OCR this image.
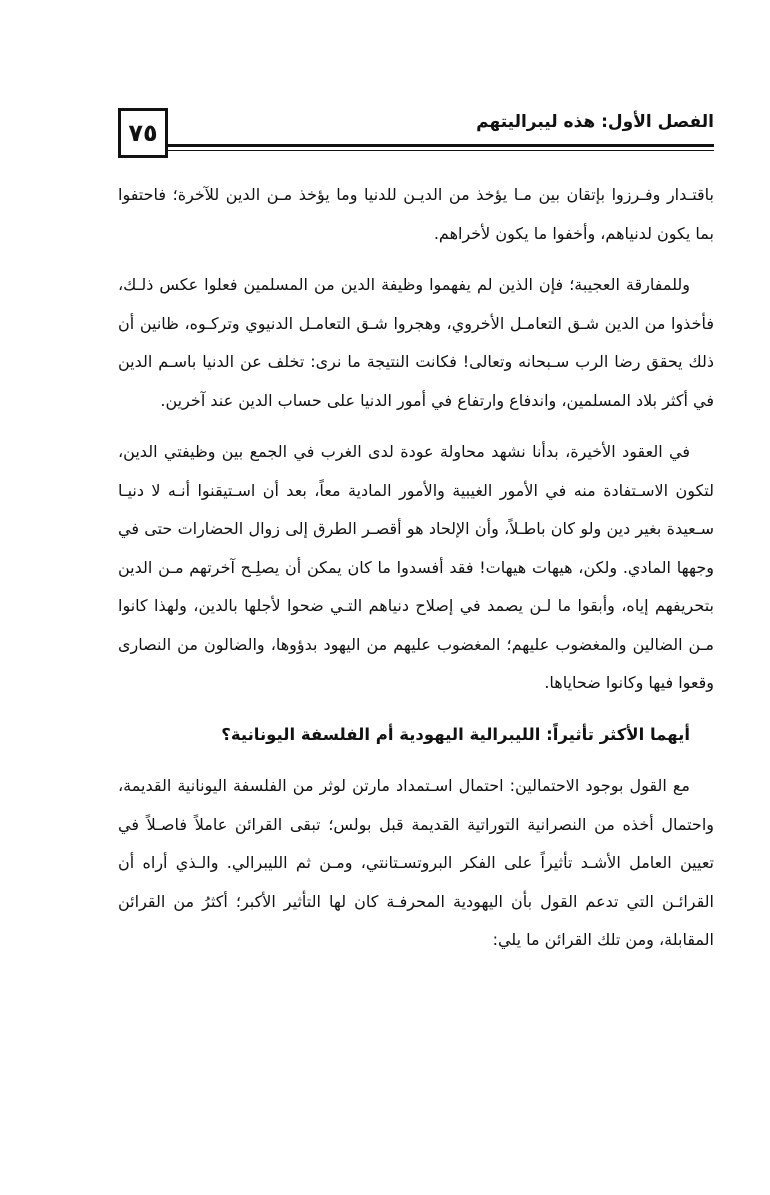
٧٥	الفصل الأول: هذه ليبراليتهم

باقتـدار وفـرزوا بإتقان بين مـا يؤخذ من الديـن للدنيا وما يؤخذ مـن الدين للآخرة؛ فاحتفوا بما يكون لدنياهم، وأخفوا ما يكون لأخراهم.

وللمفارقة العجيبة؛ فإن الذين لم يفهموا وظيفة الدين من المسلمين فعلوا عكس ذلـك، فأخذوا من الدين شـق التعامـل الأخروي، وهجروا شـق التعامـل الدنيوي وتركـوه، ظانين أن ذلك يحقق رضا الرب سـبحانه وتعالى! فكانت النتيجة ما نرى: تخلف عن الدنيا باسـم الدين في أكثر بلاد المسلمين، واندفاع وارتفاع في أمور الدنيا على حساب الدين عند آخرين.

في العقود الأخيرة، بدأنا نشهد محاولة عودة لدى الغرب في الجمع بين وظيفتي الدين، لتكون الاسـتفادة منه في الأمور الغيبية والأمور المادية معاً، بعد أن اسـتيقنوا أنـه لا دنيـا سـعيدة بغير دين ولو كان باطـلاً، وأن الإلحاد هو أقصـر الطرق إلى زوال الحضارات حتى في وجهها المادي. ولكن، هيهات هيهات! فقد أفسدوا ما كان يمكن أن يصلِـح آخرتهم مـن الدين بتحريفهم إياه، وأبقوا ما لـن يصمد في إصلاح دنياهم التـي ضحوا لأجلها بالدين، ولهذا كانوا مـن الضالين والمغضوب عليهم؛ المغضوب عليهم من اليهود بدؤوها، والضالون من النصارى وقعوا فيها وكانوا ضحاياها.

أيهما الأكثر تأثيراً: الليبرالية اليهودية أم الفلسفة اليونانية؟

مع القول بوجود الاحتمالين: احتمال اسـتمداد مارتن لوثر من الفلسفة اليونانية القديمة، واحتمال أخذه من النصرانية التوراتية القديمة قبل بولس؛ تبقى القرائن عاملاً فاصـلاً في تعيين العامل الأشـد تأثيراً على الفكر البروتسـتانتي، ومـن ثم الليبرالي. والـذي أراه أن القرائـن التي تدعم القول بأن اليهودية المحرفـة كان لها التأثير الأكبر؛ أكثرُ من القرائن المقابلة، ومن تلك القرائن ما يلي:
